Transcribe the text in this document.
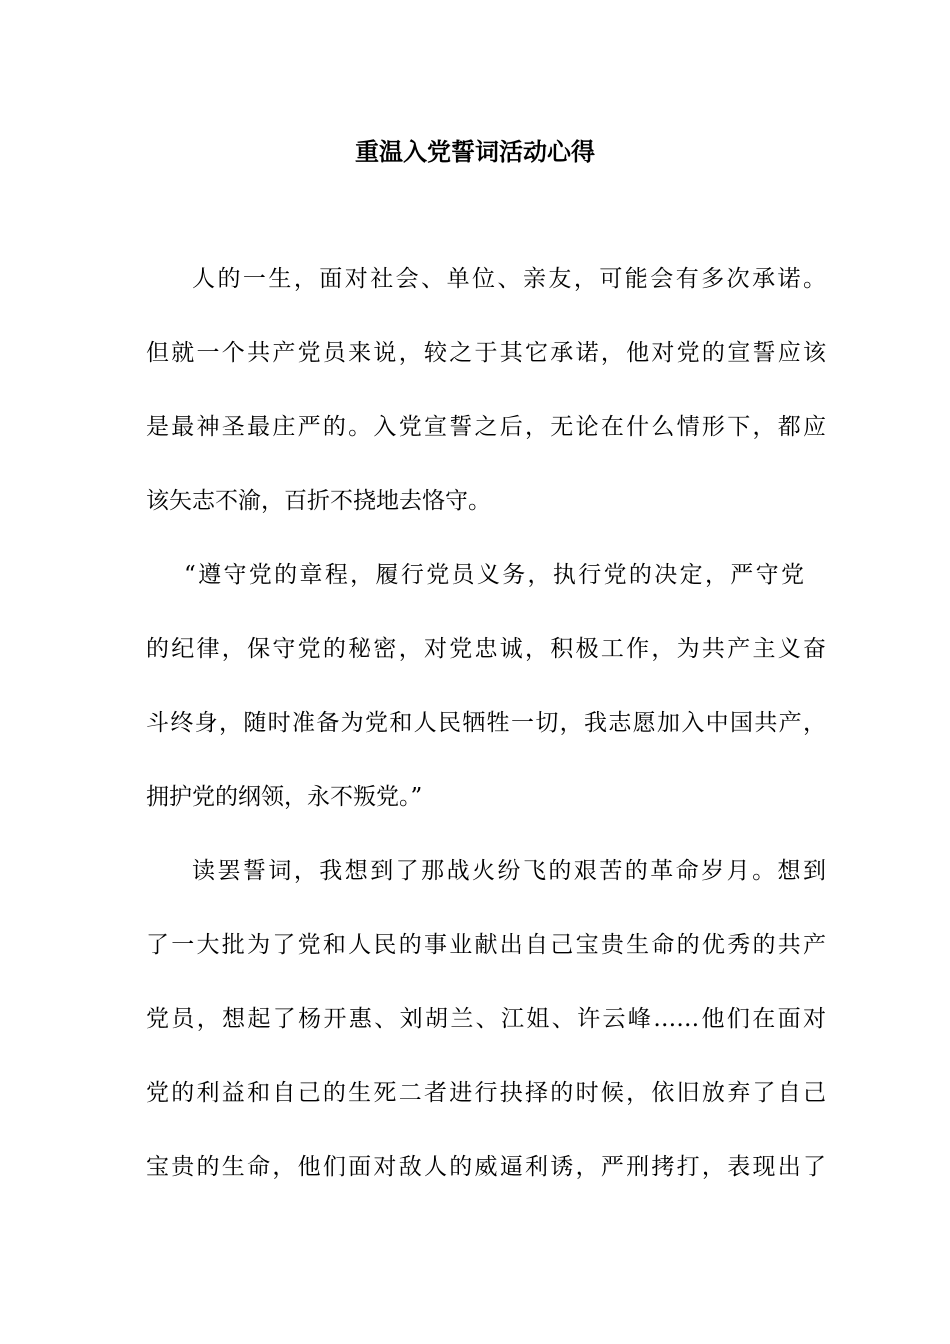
重温入党誓词活动心得
人的一生，面对社会、单位、亲友，可能会有多次承诺。
但就一个共产党员来说，较之于其它承诺，他对党的宣誓应该
是最神圣最庄严的。入党宣誓之后，无论在什么情形下，都应
该矢志不渝，百折不挠地去恪守。
“遵守党的章程，履行党员义务，执行党的决定，严守党
的纪律，保守党的秘密，对党忠诚，积极工作，为共产主义奋
斗终身，随时准备为党和人民牺牲一切，我志愿加入中国共产，
拥护党的纲领，永不叛党。”
读罢誓词，我想到了那战火纷飞的艰苦的革命岁月。想到
了一大批为了党和人民的事业献出自己宝贵生命的优秀的共产
党员，想起了杨开惠、刘胡兰、江姐、许云峰……他们在面对
党的利益和自己的生死二者进行抉择的时候，依旧放弃了自己
宝贵的生命，他们面对敌人的威逼利诱，严刑拷打，表现出了
